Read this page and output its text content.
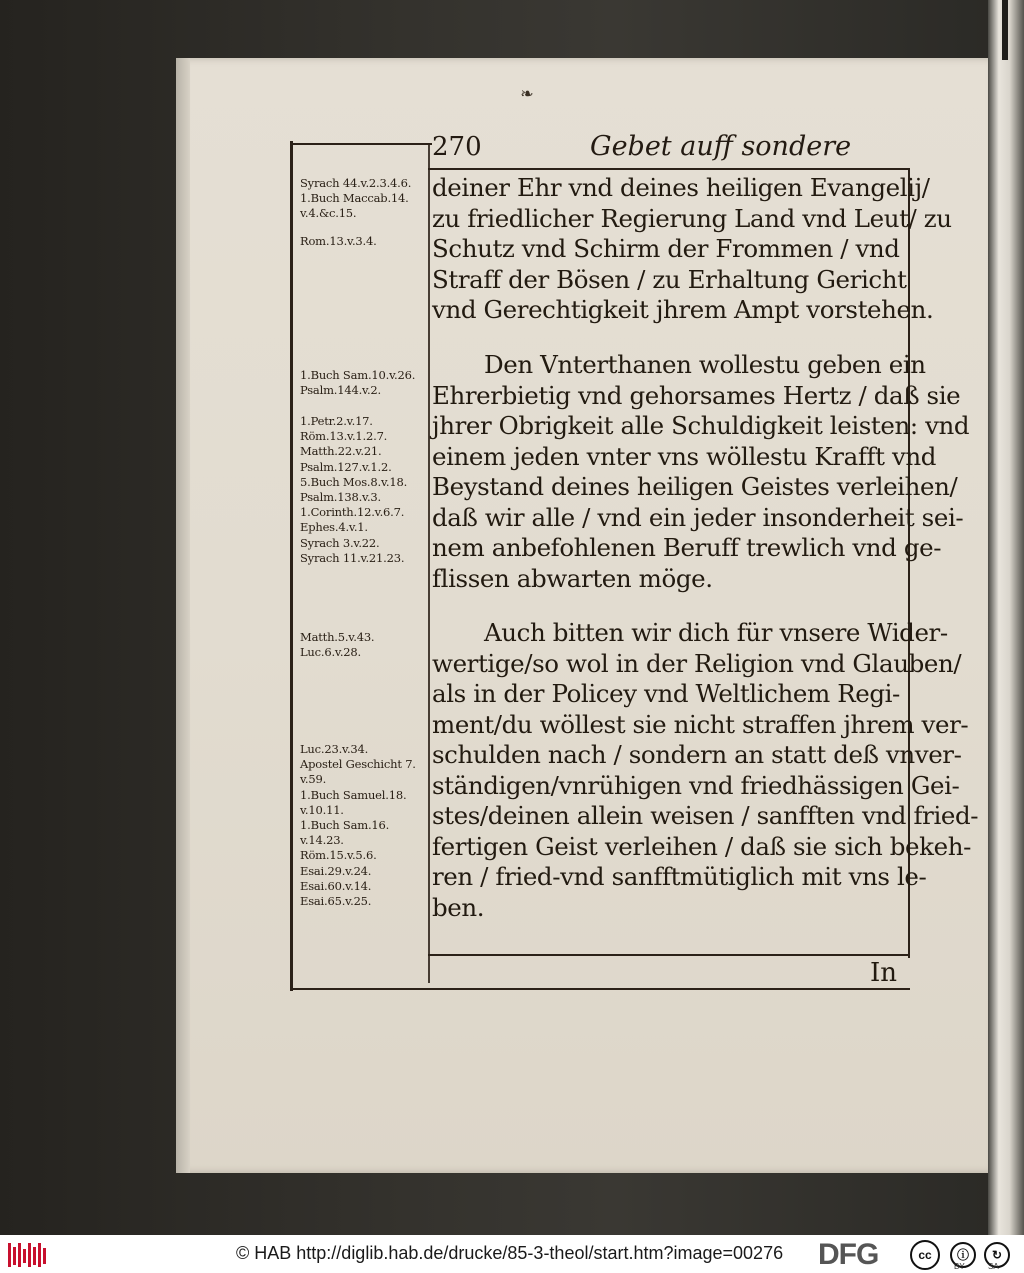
❧
270	Gebet auff sondere
Syrach 44.v.2.3.4.6.
1.Buch Maccab.14.
v.4.&c.15.
Rom.13.v.3.4.
1.Buch Sam.10.v.26.
Psalm.144.v.2.
1.Petr.2.v.17.
Röm.13.v.1.2.7.
Matth.22.v.21.
Psalm.127.v.1.2.
5.Buch Mos.8.v.18.
Psalm.138.v.3.
1.Corinth.12.v.6.7.
Ephes.4.v.1.
Syrach 3.v.22.
Syrach 11.v.21.23.
Matth.5.v.43.
Luc.6.v.28.
Luc.23.v.34.
Apostel Geschicht 7.
v.59.
1.Buch Samuel.18.
v.10.11.
1.Buch Sam.16.
v.14.23.
Röm.15.v.5.6.
Esai.29.v.24.
Esai.60.v.14.
Esai.65.v.25.
deiner Ehr vnd deines heiligen Evangelij/
zu friedlicher Regierung Land vnd Leut/ zu
Schutz vnd Schirm der Frommen / vnd
Straff der Bösen / zu Erhaltung Gericht
vnd Gerechtigkeit jhrem Ampt vorstehen.
Den Vnterthanen wollestu geben ein
Ehrerbietig vnd gehorsames Hertz / daß sie
jhrer Obrigkeit alle Schuldigkeit leisten: vnd
einem jeden vnter vns wöllestu Krafft vnd
Beystand deines heiligen Geistes verleihen/
daß wir alle / vnd ein jeder insonderheit sei-
nem anbefohlenen Beruff trewlich vnd ge-
flissen abwarten möge.
Auch bitten wir dich für vnsere Wider-
wertige/so wol in der Religion vnd Glauben/
als in der Policey vnd Weltlichem Regi-
ment/du wöllest sie nicht straffen jhrem ver-
schulden nach / sondern an statt deß vnver-
ständigen/vnrühigen vnd friedhässigen Gei-
stes/deinen allein weisen / sanfften vnd fried-
fertigen Geist verleihen / daß sie sich bekeh-
ren / fried-vnd sanfftmütiglich mit vns le-
ben.
In
© HAB http://diglib.hab.de/drucke/85-3-theol/start.htm?image=00276 DFG	cc	ⓘ	↻
BY	SA
